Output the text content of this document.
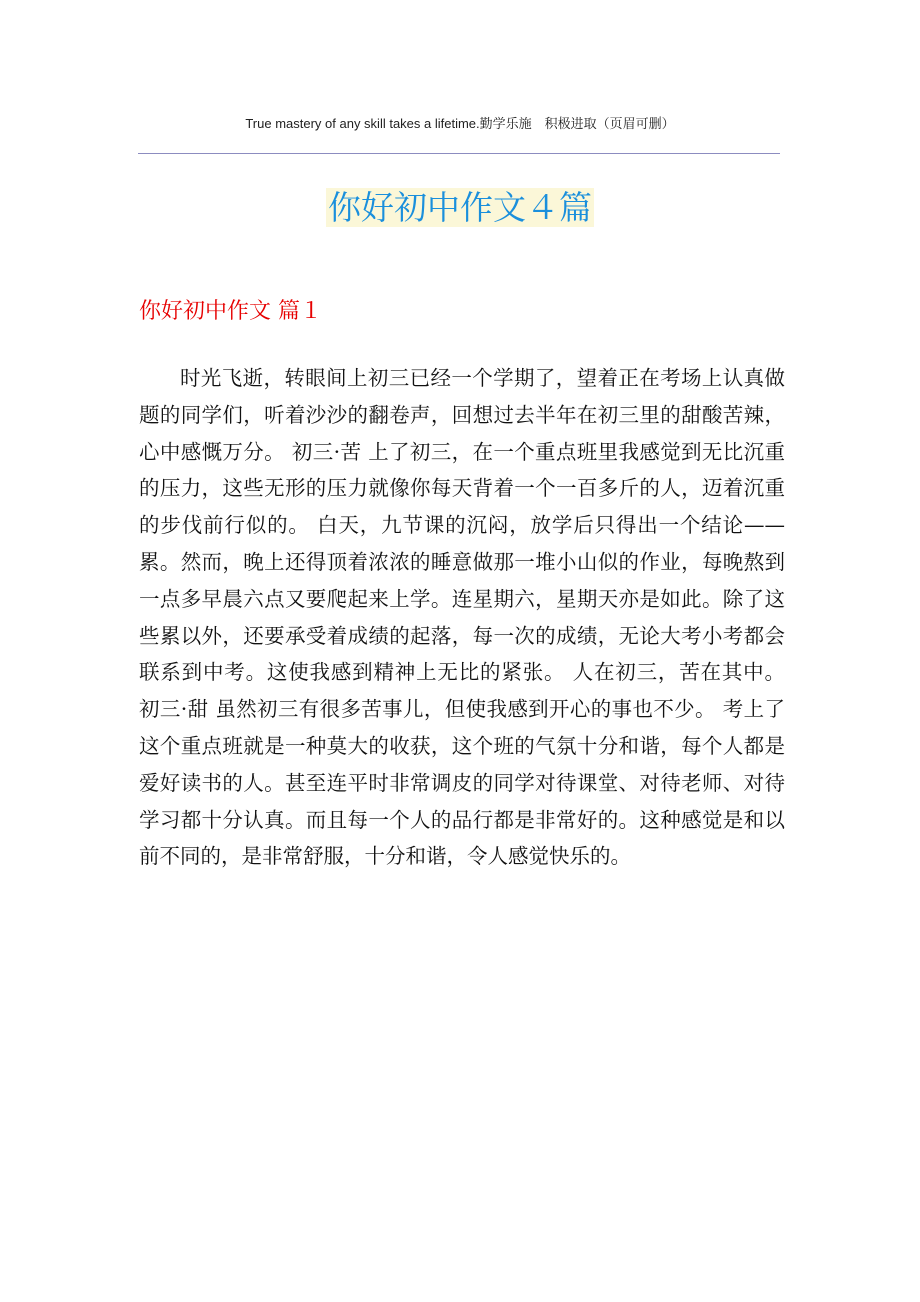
True mastery of any skill takes a lifetime.勤学乐施　积极进取（页眉可删）
你好初中作文４篇
你好初中作文 篇１

时光飞逝，转眼间上初三已经一个学期了，望着正在考场上认真做题的同学们，听着沙沙的翻卷声，回想过去半年在初三里的甜酸苦辣，心中感慨万分。 初三·苦 上了初三，在一个重点班里我感觉到无比沉重的压力，这些无形的压力就像你每天背着一个一百多斤的人，迈着沉重的步伐前行似的。 白天，九节课的沉闷，放学后只得出一个结论——累。然而，晚上还得顶着浓浓的睡意做那一堆小山似的作业，每晚熬到一点多早晨六点又要爬起来上学。连星期六，星期天亦是如此。除了这些累以外，还要承受着成绩的起落，每一次的成绩，无论大考小考都会联系到中考。这使我感到精神上无比的紧张。 人在初三，苦在其中。 初三·甜 虽然初三有很多苦事儿，但使我感到开心的事也不少。 考上了这个重点班就是一种莫大的收获，这个班的气氛十分和谐，每个人都是爱好读书的人。甚至连平时非常调皮的同学对待课堂、对待老师、对待学习都十分认真。而且每一个人的品行都是非常好的。这种感觉是和以前不同的，是非常舒服，十分和谐，令人感觉快乐的。
